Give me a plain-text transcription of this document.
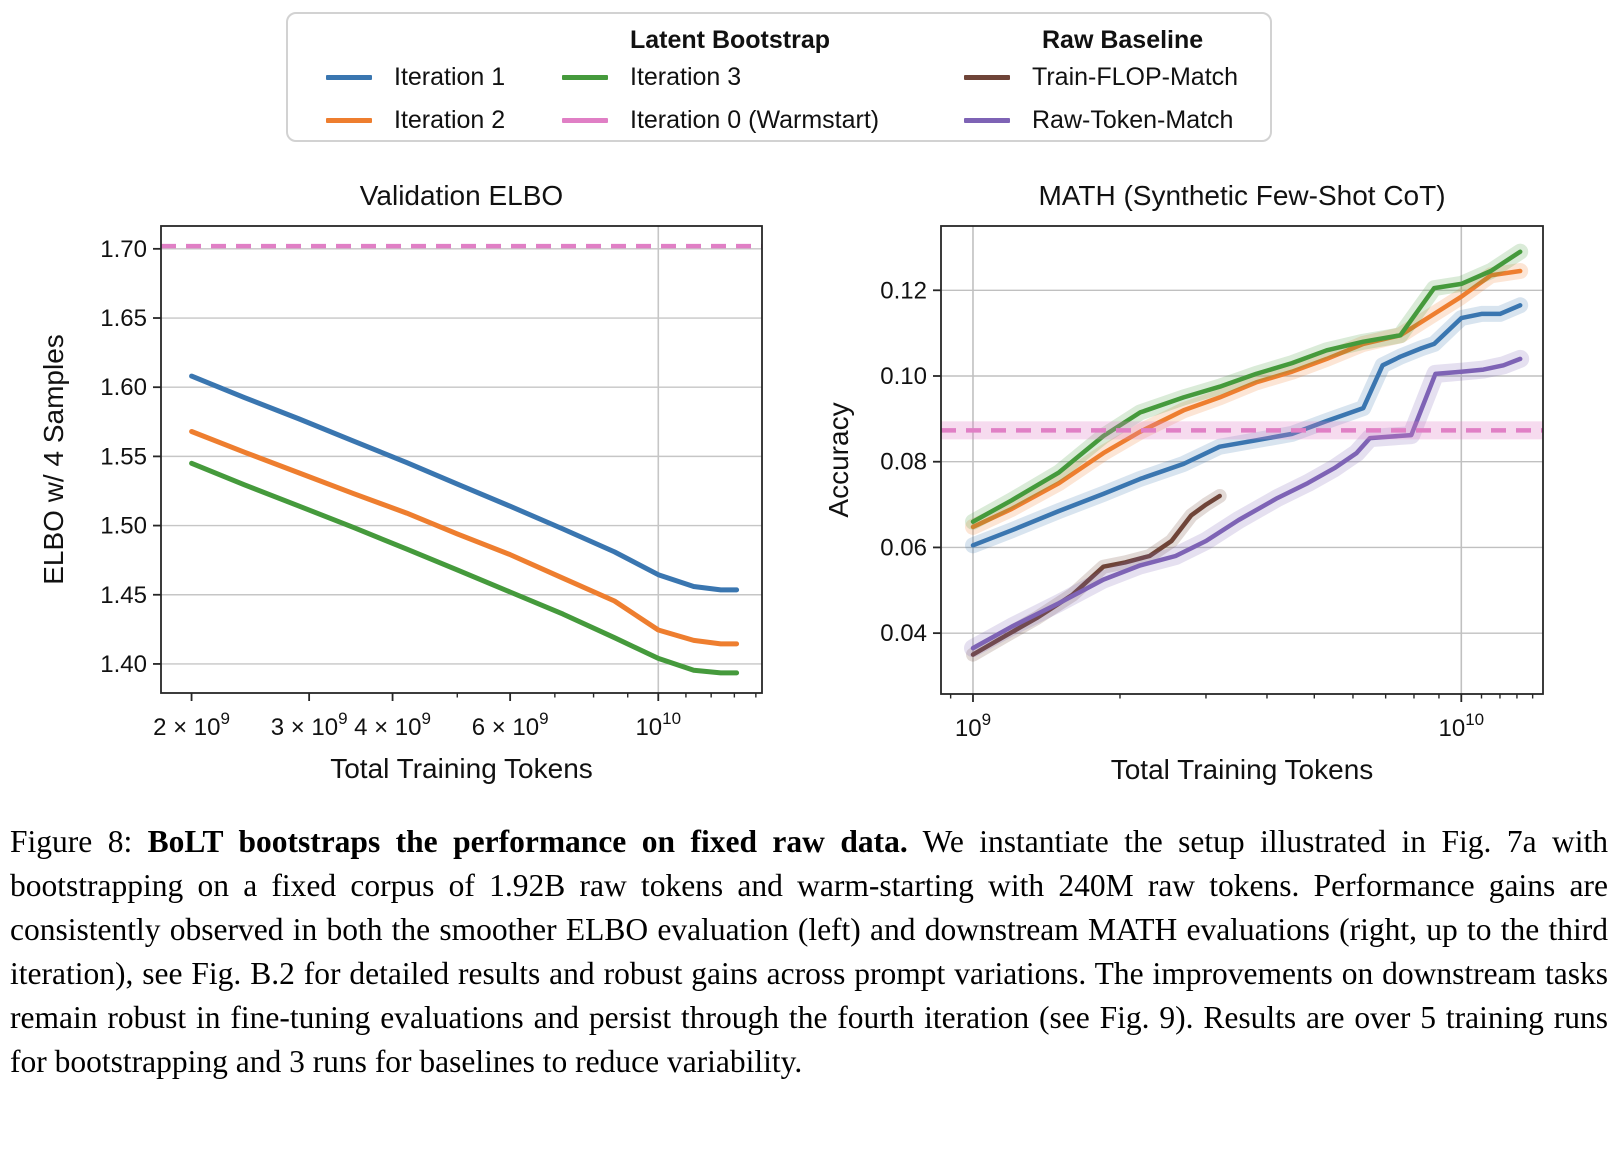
Latent Bootstrap	Raw Baseline
Iteration 1
Iteration 2
Iteration 3
Iteration 0 (Warmstart)
Train-FLOP-Match
Raw-Token-Match
$2 \times 10^9$ $3 \times 10^9$ $4 \times 10^9$ $6 \times 10^9$	$10^{10}$
1.40
1.45
1.50
1.55
1.60
1.65
1.70
Validation ELBO
Total Training Tokens
ELBO w/ 4 Samples
$10^9$	$10^{10}$
0.04
0.06
0.08
0.10
0.12
MATH (Synthetic Few-Shot CoT)
Total Training Tokens
Accuracy

Figure 8: BoLT bootstraps the performance on fixed raw data. We instantiate the setup illustrated in Fig. 7a with bootstrapping on a fixed corpus of 1.92B raw tokens and warm-starting with 240M raw tokens. Performance gains are consistently observed in both the smoother ELBO evaluation (left) and downstream MATH evaluations (right, up to the third iteration), see Fig. B.2 for detailed results and robust gains across prompt variations. The improvements on downstream tasks remain robust in fine-tuning evaluations and persist through the fourth iteration (see Fig. 9). Results are over 5 training runs for bootstrapping and 3 runs for baselines to reduce variability.
